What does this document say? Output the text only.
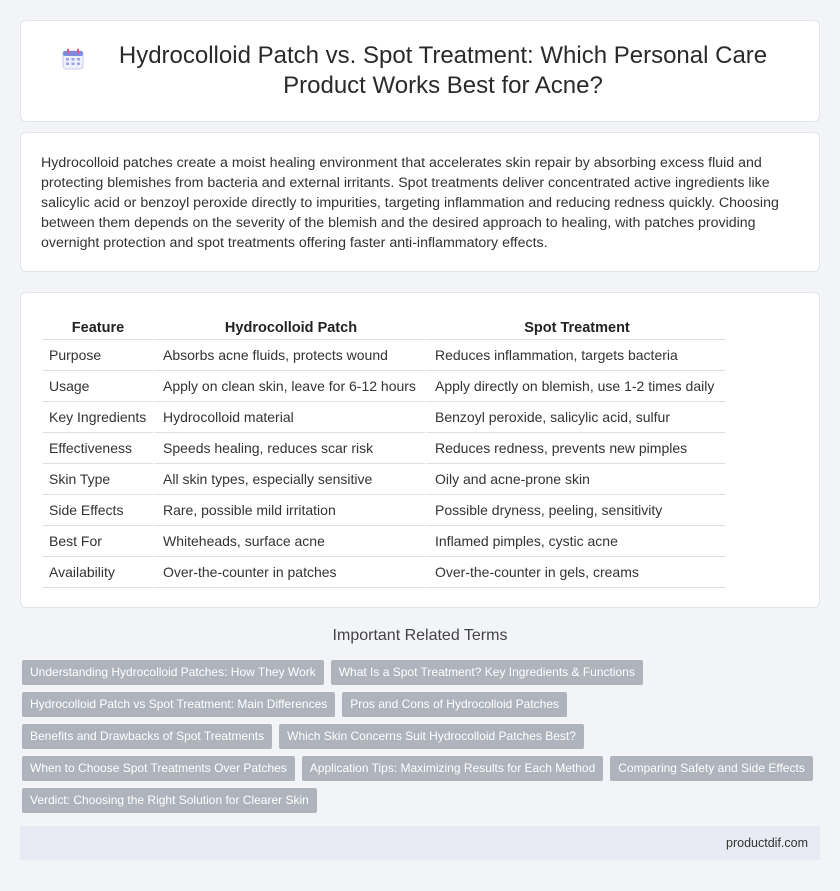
Hydrocolloid Patch vs. Spot Treatment: Which Personal Care Product Works Best for Acne?

Hydrocolloid patches create a moist healing environment that accelerates skin repair by absorbing excess fluid and protecting blemishes from bacteria and external irritants. Spot treatments deliver concentrated active ingredients like salicylic acid or benzoyl peroxide directly to impurities, targeting inflammation and reducing redness quickly. Choosing between them depends on the severity of the blemish and the desired approach to healing, with patches providing overnight protection and spot treatments offering faster anti-inflammatory effects.

Feature	Hydrocolloid Patch	Spot Treatment
Purpose	Absorbs acne fluids, protects wound	Reduces inflammation, targets bacteria
Usage	Apply on clean skin, leave for 6-12 hours	Apply directly on blemish, use 1-2 times daily
Key Ingredients	Hydrocolloid material	Benzoyl peroxide, salicylic acid, sulfur
Effectiveness	Speeds healing, reduces scar risk	Reduces redness, prevents new pimples
Skin Type	All skin types, especially sensitive	Oily and acne-prone skin
Side Effects	Rare, possible mild irritation	Possible dryness, peeling, sensitivity
Best For	Whiteheads, surface acne	Inflamed pimples, cystic acne
Availability	Over-the-counter in patches	Over-the-counter in gels, creams
Important Related Terms
Understanding Hydrocolloid Patches: How They Work	What Is a Spot Treatment? Key Ingredients & Functions
Hydrocolloid Patch vs Spot Treatment: Main Differences	Pros and Cons of Hydrocolloid Patches
Benefits and Drawbacks of Spot Treatments	Which Skin Concerns Suit Hydrocolloid Patches Best?
When to Choose Spot Treatments Over Patches	Application Tips: Maximizing Results for Each Method	Comparing Safety and Side Effects
Verdict: Choosing the Right Solution for Clearer Skin
productdif.com
